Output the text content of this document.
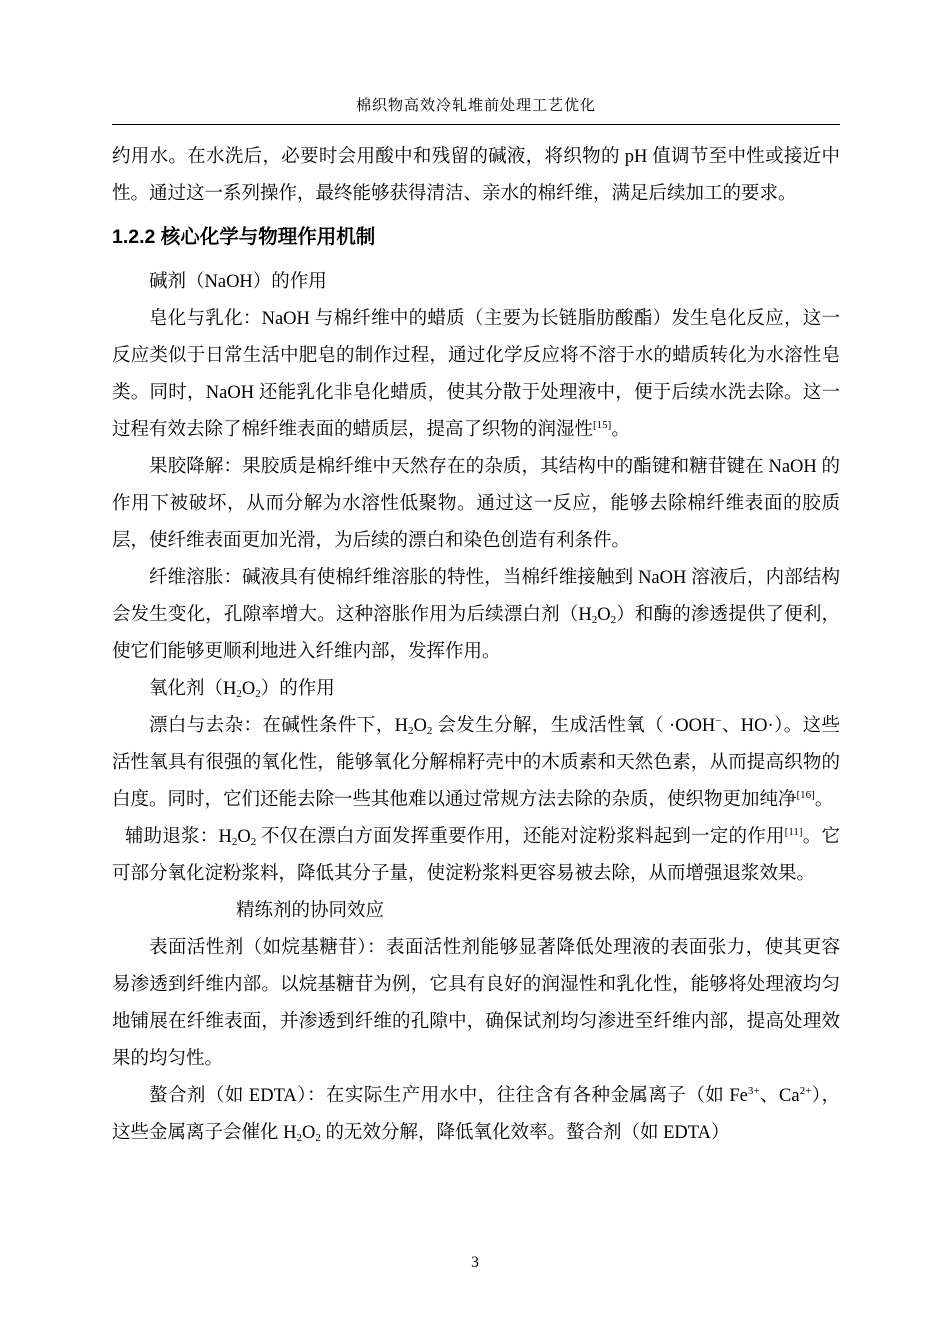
棉织物高效冷轧堆前处理工艺优化

约用水。在水洗后，必要时会用酸中和残留的碱液，将织物的 pH 值调节至中性或接近中性。通过这一系列操作，最终能够获得清洁、亲水的棉纤维，满足后续加工的要求。

1.2.2 核心化学与物理作用机制

碱剂（NaOH）的作用

皂化与乳化：NaOH 与棉纤维中的蜡质（主要为长链脂肪酸酯）发生皂化反应，这一反应类似于日常生活中肥皂的制作过程，通过化学反应将不溶于水的蜡质转化为水溶性皂类。同时，NaOH 还能乳化非皂化蜡质，使其分散于处理液中，便于后续水洗去除。这一过程有效去除了棉纤维表面的蜡质层，提高了织物的润湿性[15]。

果胶降解：果胶质是棉纤维中天然存在的杂质，其结构中的酯键和糖苷键在 NaOH 的作用下被破坏，从而分解为水溶性低聚物。通过这一反应，能够去除棉纤维表面的胶质层，使纤维表面更加光滑，为后续的漂白和染色创造有利条件。

纤维溶胀：碱液具有使棉纤维溶胀的特性，当棉纤维接触到 NaOH 溶液后，内部结构会发生变化，孔隙率增大。这种溶胀作用为后续漂白剂$(H_2O_2)$和酶的渗透提供了便利，使它们能够更顺利地进入纤维内部，发挥作用。

氧化剂$(H_2O_2)$的作用

漂白与去杂：在碱性条件下，$H_2O_2$ 会发生分解，生成活性氧（ ·OOH−、HO·）。这些活性氧具有很强的氧化性，能够氧化分解棉籽壳中的木质素和天然色素，从而提高织物的白度。同时，它们还能去除一些其他难以通过常规方法去除的杂质，使织物更加纯净[16]。

辅助退浆：$H_2O_2$ 不仅在漂白方面发挥重要作用，还能对淀粉浆料起到一定的作用[11]。它可部分氧化淀粉浆料，降低其分子量，使淀粉浆料更容易被去除，从而增强退浆效果。

精练剂的协同效应

表面活性剂（如烷基糖苷）：表面活性剂能够显著降低处理液的表面张力，使其更容易渗透到纤维内部。以烷基糖苷为例，它具有良好的润湿性和乳化性，能够将处理液均匀地铺展在纤维表面，并渗透到纤维的孔隙中，确保试剂均匀渗进至纤维内部，提高处理效果的均匀性。

螯合剂（如 EDTA）：在实际生产用水中，往往含有各种金属离子（如 $Fe^{3+}$、$Ca^{2+}$），这些金属离子会催化 $H_2O_2$ 的无效分解，降低氧化效率。螯合剂（如 EDTA）

3
